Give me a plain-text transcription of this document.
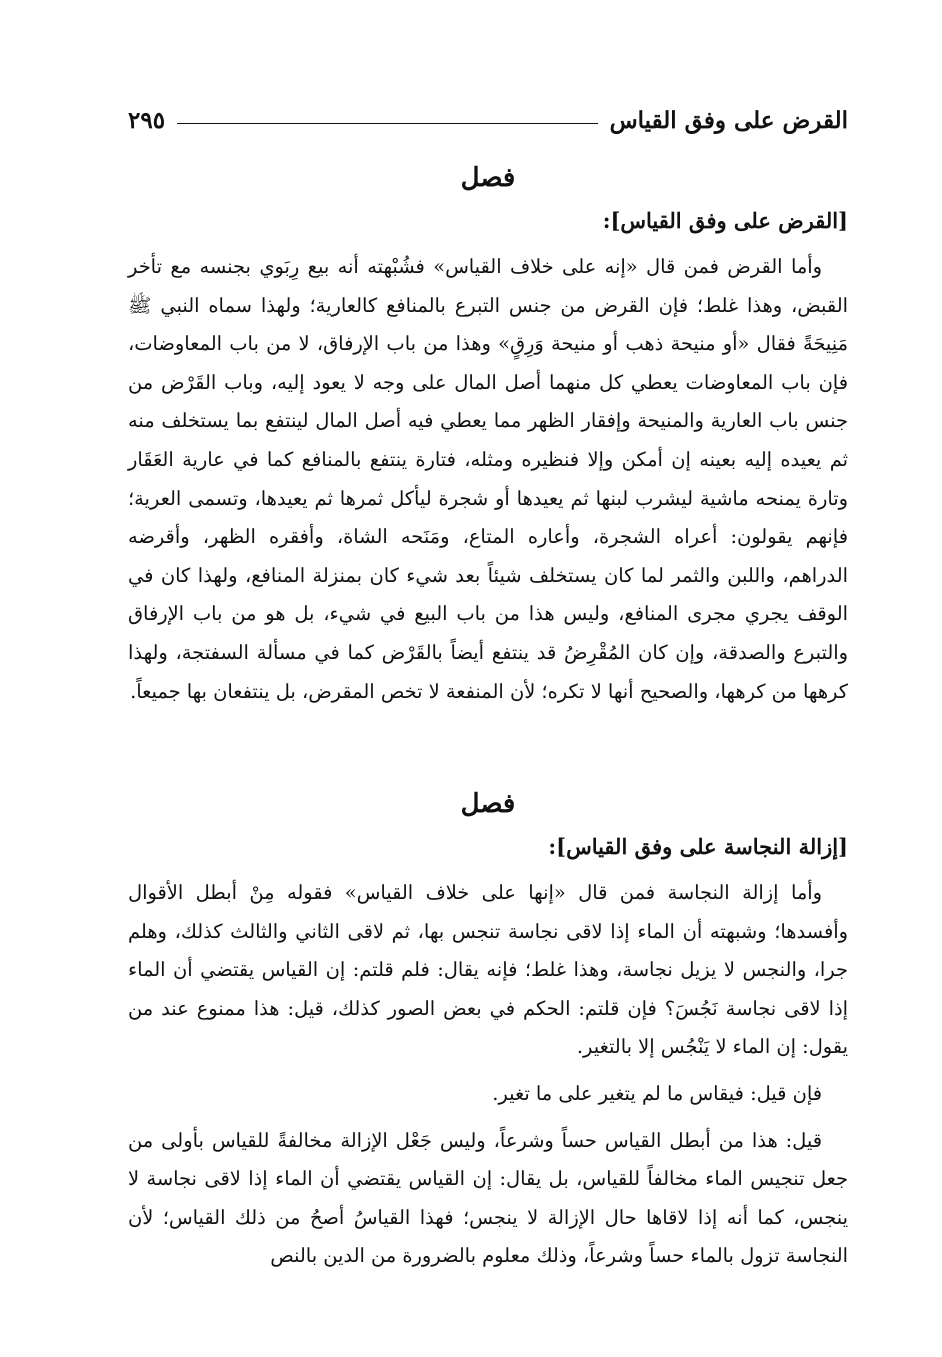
القرض على وفق القياس
٢٩٥

فصل

[القرض على وفق القياس]:

وأما القرض فمن قال «إنه على خلاف القياس» فشُبْهته أنه بيع رِبَوي بجنسه مع تأخر القبض، وهذا غلط؛ فإن القرض من جنس التبرع بالمنافع كالعارية؛ ولهذا سماه النبي ﷺ مَنِيحَةً فقال «أو منيحة ذهب أو منيحة وَرِقٍ» وهذا من باب الإرفاق، لا من باب المعاوضات، فإن باب المعاوضات يعطي كل منهما أصل المال على وجه لا يعود إليه، وباب القَرْض من جنس باب العارية والمنيحة وإفقار الظهر مما يعطي فيه أصل المال لينتفع بما يستخلف منه ثم يعيده إليه بعينه إن أمكن وإلا فنظيره ومثله، فتارة ينتفع بالمنافع كما في عارية العَقَار وتارة يمنحه ماشية ليشرب لبنها ثم يعيدها أو شجرة ليأكل ثمرها ثم يعيدها، وتسمى العرية؛ فإنهم يقولون: أعراه الشجرة، وأعاره المتاع، ومَنَحه الشاة، وأفقره الظهر، وأقرضه الدراهم، واللبن والثمر لما كان يستخلف شيئاً بعد شيء كان بمنزلة المنافع، ولهذا كان في الوقف يجري مجرى المنافع، وليس هذا من باب البيع في شيء، بل هو من باب الإرفاق والتبرع والصدقة، وإن كان المُقْرِضُ قد ينتفع أيضاً بالقَرْض كما في مسألة السفتجة، ولهذا كرهها من كرهها، والصحيح أنها لا تكره؛ لأن المنفعة لا تخص المقرض، بل ينتفعان بها جميعاً.

فصل

[إزالة النجاسة على وفق القياس]:

وأما إزالة النجاسة فمن قال «إنها على خلاف القياس» فقوله مِنْ أبطل الأقوال وأفسدها؛ وشبهته أن الماء إذا لاقى نجاسة تنجس بها، ثم لاقى الثاني والثالث كذلك، وهلم جرا، والنجس لا يزيل نجاسة، وهذا غلط؛ فإنه يقال: فلم قلتم: إن القياس يقتضي أن الماء إذا لاقى نجاسة نَجُسَ؟ فإن قلتم: الحكم في بعض الصور كذلك، قيل: هذا ممنوع عند من يقول: إن الماء لا يَنْجُس إلا بالتغير.

فإن قيل: فيقاس ما لم يتغير على ما تغير.

قيل: هذا من أبطل القياس حساً وشرعاً، وليس جَعْل الإزالة مخالفةً للقياس بأولى من جعل تنجيس الماء مخالفاً للقياس، بل يقال: إن القياس يقتضي أن الماء إذا لاقى نجاسة لا ينجس، كما أنه إذا لاقاها حال الإزالة لا ينجس؛ فهذا القياسُ أصحُ من ذلك القياس؛ لأن النجاسة تزول بالماء حساً وشرعاً، وذلك معلوم بالضرورة من الدين بالنص
